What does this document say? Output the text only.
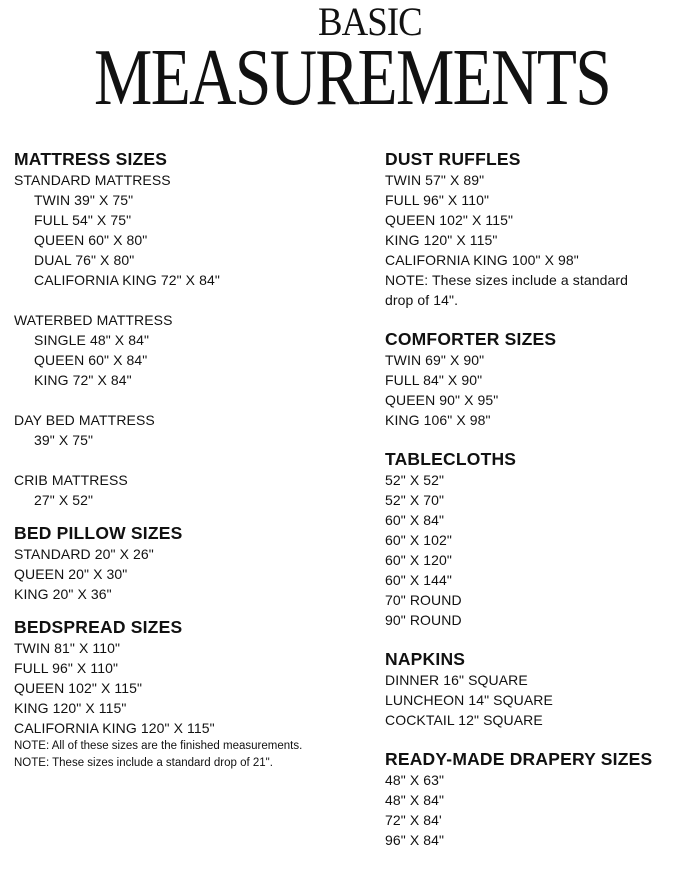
BASIC
MEASUREMENTS
MATTRESS SIZES
STANDARD MATTRESS
TWIN 39" X 75"
FULL 54" X 75"
QUEEN 60" X 80"
DUAL 76" X 80"
CALIFORNIA KING 72" X 84"
WATERBED MATTRESS
SINGLE 48" X 84"
QUEEN 60" X 84"
KING 72" X 84"
DAY BED MATTRESS
39" X 75"
CRIB MATTRESS
27" X 52"
BED PILLOW SIZES
STANDARD 20" X 26"
QUEEN 20" X 30"
KING 20" X 36"
BEDSPREAD SIZES
TWIN 81" X 110"
FULL 96" X 110"
QUEEN 102" X 115"
KING 120" X 115"
CALIFORNIA KING 120" X 115"
NOTE: All of these sizes are the finished measurements.
NOTE: These sizes include a standard drop of 21".
DUST RUFFLES
TWIN 57" X 89"
FULL 96" X 110"
QUEEN 102" X 115"
KING 120" X 115"
CALIFORNIA KING 100" X 98"
NOTE: These sizes include a standard
drop of 14".
COMFORTER SIZES
TWIN 69" X 90"
FULL 84" X 90"
QUEEN 90" X 95"
KING 106" X 98"
TABLECLOTHS
52" X 52"
52" X 70"
60" X 84"
60" X 102"
60" X 120"
60" X 144"
70" ROUND
90" ROUND
NAPKINS
DINNER 16" SQUARE
LUNCHEON 14" SQUARE
COCKTAIL 12" SQUARE
READY-MADE DRAPERY SIZES
48" X 63"
48" X 84"
72" X 84'
96" X 84"
